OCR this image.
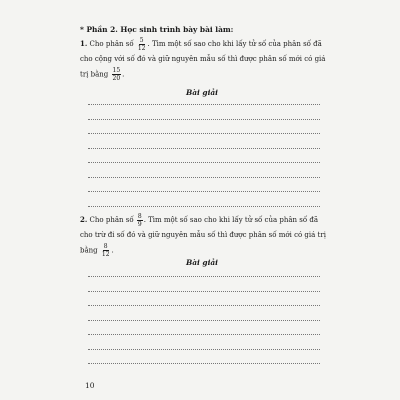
* Phần 2. Học sinh trình bày bài làm:
1. Cho phân số $\frac{5}{12}$ . Tìm một số sao cho khi lấy tử số của phân số đã cho cộng với số đó và giữ nguyên mẫu số thì được phân số mới có giá trị bằng $\frac{15}{20}$ .
Bài giải
2. Cho phân số $\frac{8}{9}$ . Tìm một số sao cho khi lấy tử số của phân số đã cho trừ đi số đó và giữ nguyên mẫu số thì được phân số mới có giá trị bằng $\frac{8}{12}$ .
Bài giải
10
